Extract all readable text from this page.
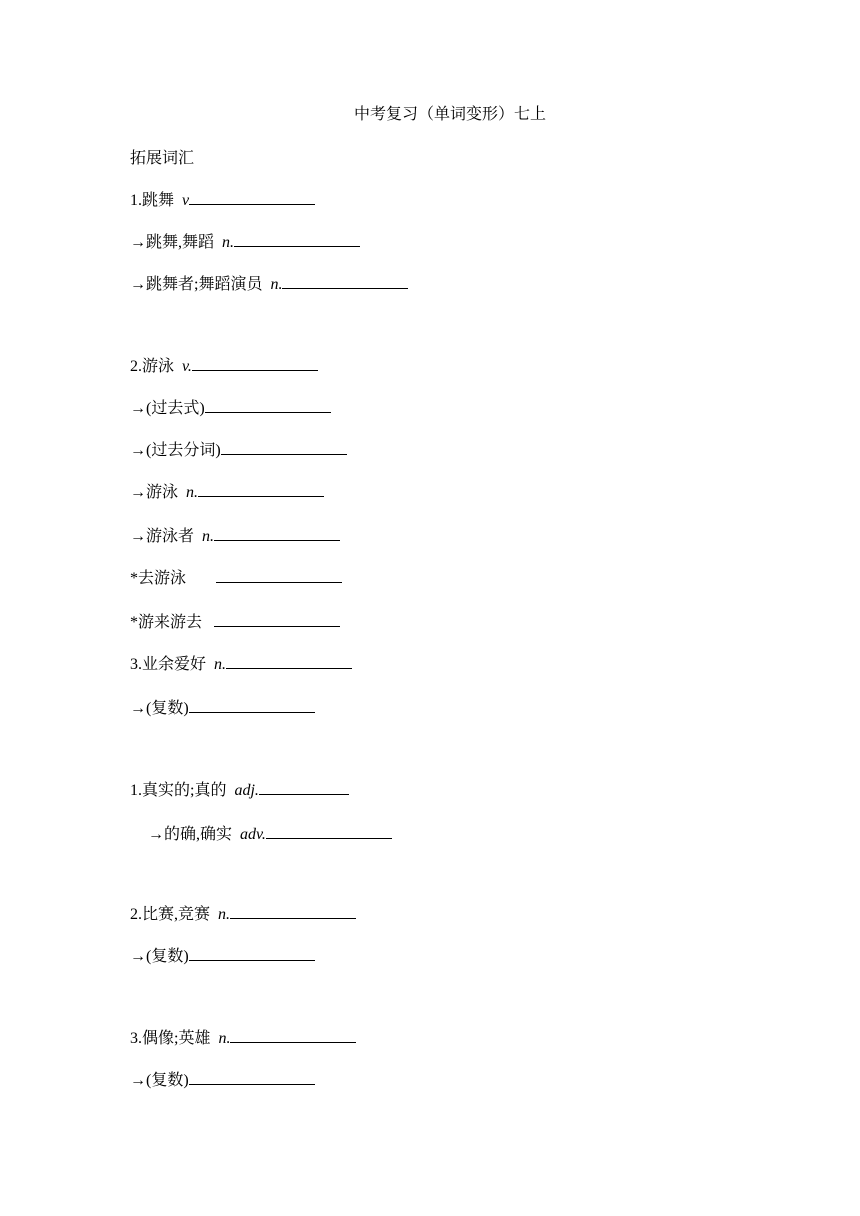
中考复习（单词变形）七上
拓展词汇
1.跳舞 v
→跳舞,舞蹈 n.
→跳舞者;舞蹈演员 n.
2.游泳 v.
→(过去式)
→(过去分词)
→游泳 n.
→游泳者 n.
*去游泳
*游来游去
3.业余爱好 n.
→(复数)
1.真实的;真的 adj.
→的确,确实 adv.
2.比赛,竞赛 n.
→(复数)
3.偶像;英雄 n.
→(复数)
